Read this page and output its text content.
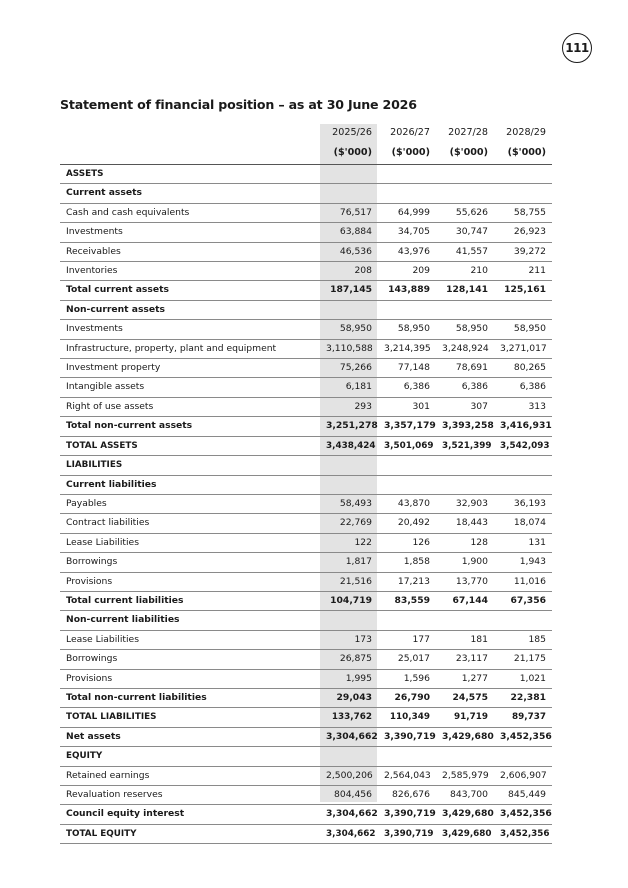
111
Statement of financial position – as at 30 June 2026
	2025/26	2026/27	2027/28	2028/29
	($'000)	($'000)	($'000)	($'000)
ASSETS				
Current assets				
Cash and cash equivalents	76,517	64,999	55,626	58,755
Investments	63,884	34,705	30,747	26,923
Receivables	46,536	43,976	41,557	39,272
Inventories	208	209	210	211
Total current assets	187,145	143,889	128,141	125,161
Non-current assets				
Investments	58,950	58,950	58,950	58,950
Infrastructure, property, plant and equipment	3,110,588	3,214,395	3,248,924	3,271,017
Investment property	75,266	77,148	78,691	80,265
Intangible assets	6,181	6,386	6,386	6,386
Right of use assets	293	301	307	313
Total non-current assets	3,251,278	3,357,179	3,393,258	3,416,931
TOTAL ASSETS	3,438,424	3,501,069	3,521,399	3,542,093
LIABILITIES				
Current liabilities				
Payables	58,493	43,870	32,903	36,193
Contract liabilities	22,769	20,492	18,443	18,074
Lease Liabilities	122	126	128	131
Borrowings	1,817	1,858	1,900	1,943
Provisions	21,516	17,213	13,770	11,016
Total current liabilities	104,719	83,559	67,144	67,356
Non-current liabilities				
Lease Liabilities	173	177	181	185
Borrowings	26,875	25,017	23,117	21,175
Provisions	1,995	1,596	1,277	1,021
Total non-current liabilities	29,043	26,790	24,575	22,381
TOTAL LIABILITIES	133,762	110,349	91,719	89,737
Net assets	3,304,662	3,390,719	3,429,680	3,452,356
EQUITY				
Retained earnings	2,500,206	2,564,043	2,585,979	2,606,907
Revaluation reserves	804,456	826,676	843,700	845,449
Council equity interest	3,304,662	3,390,719	3,429,680	3,452,356
TOTAL EQUITY	3,304,662	3,390,719	3,429,680	3,452,356
